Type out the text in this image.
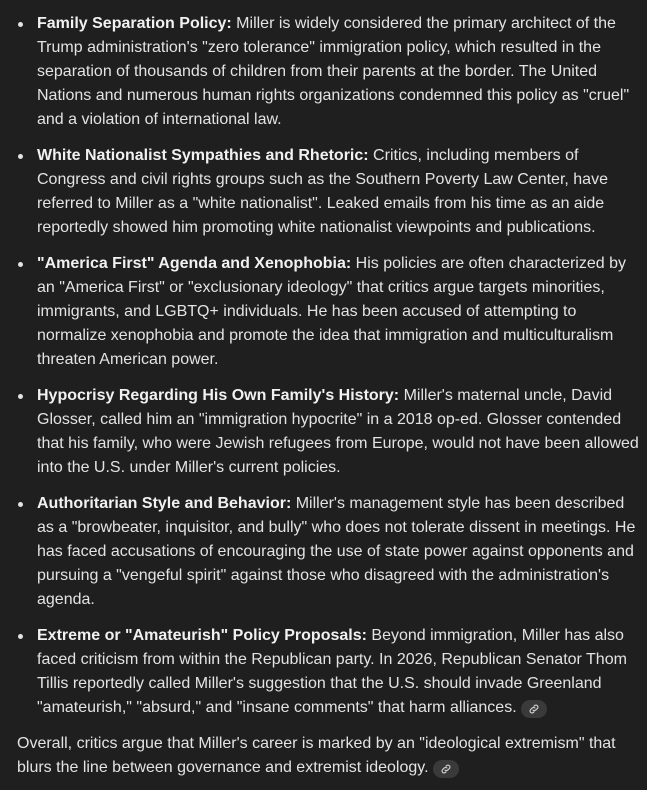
Family Separation Policy: Miller is widely considered the primary architect of the Trump administration's "zero tolerance" immigration policy, which resulted in the separation of thousands of children from their parents at the border. The United Nations and numerous human rights organizations condemned this policy as "cruel" and a violation of international law.
White Nationalist Sympathies and Rhetoric: Critics, including members of Congress and civil rights groups such as the Southern Poverty Law Center, have referred to Miller as a "white nationalist". Leaked emails from his time as an aide reportedly showed him promoting white nationalist viewpoints and publications.
"America First" Agenda and Xenophobia: His policies are often characterized by an "America First" or "exclusionary ideology" that critics argue targets minorities, immigrants, and LGBTQ+ individuals. He has been accused of attempting to normalize xenophobia and promote the idea that immigration and multiculturalism threaten American power.
Hypocrisy Regarding His Own Family's History: Miller's maternal uncle, David Glosser, called him an "immigration hypocrite" in a 2018 op-ed. Glosser contended that his family, who were Jewish refugees from Europe, would not have been allowed into the U.S. under Miller's current policies.
Authoritarian Style and Behavior: Miller's management style has been described as a "browbeater, inquisitor, and bully" who does not tolerate dissent in meetings. He has faced accusations of encouraging the use of state power against opponents and pursuing a "vengeful spirit" against those who disagreed with the administration's agenda.
Extreme or "Amateurish" Policy Proposals: Beyond immigration, Miller has also faced criticism from within the Republican party. In 2026, Republican Senator Thom Tillis reportedly called Miller's suggestion that the U.S. should invade Greenland "amateurish," "absurd," and "insane comments" that harm alliances.
Overall, critics argue that Miller's career is marked by an "ideological extremism" that blurs the line between governance and extremist ideology.
